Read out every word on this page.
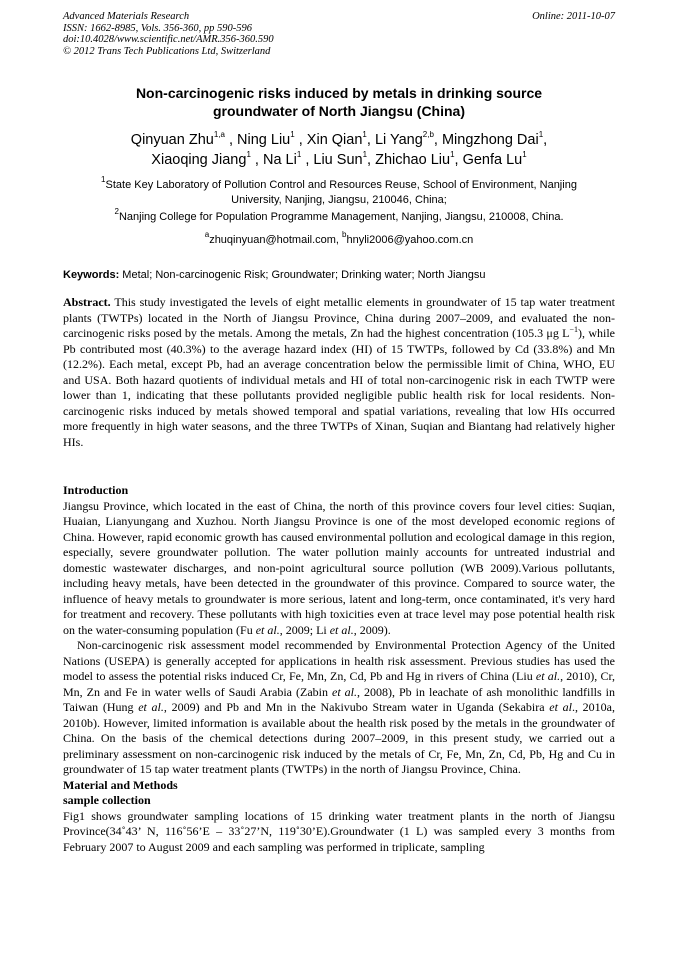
Advanced Materials Research
ISSN: 1662-8985, Vols. 356-360, pp 590-596
doi:10.4028/www.scientific.net/AMR.356-360.590
© 2012 Trans Tech Publications Ltd, Switzerland
Online: 2011-10-07
Non-carcinogenic risks induced by metals in drinking source
groundwater of North Jiangsu (China)
Qinyuan Zhu$^{1,a}$ , Ning Liu$^1$ , Xin Qian$^1$, Li Yang$^{2,b}$, Mingzhong Dai$^1$,
Xiaoqing Jiang$^1$ , Na Li$^1$ , Liu Sun$^1$, Zhichao Liu$^1$, Genfa Lu$^1$
$^1$State Key Laboratory of Pollution Control and Resources Reuse, School of Environment, Nanjing
University, Nanjing, Jiangsu, 210046, China;
$^2$Nanjing College for Population Programme Management, Nanjing, Jiangsu, 210008, China.
$^a$zhuqinyuan@hotmail.com, $^b$hnyli2006@yahoo.com.cn
Keywords: Metal; Non-carcinogenic Risk; Groundwater; Drinking water; North Jiangsu

Abstract. This study investigated the levels of eight metallic elements in groundwater of 15 tap water treatment plants (TWTPs) located in the North of Jiangsu Province, China during 2007–2009, and evaluated the non-carcinogenic risks posed by the metals. Among the metals, Zn had the highest concentration (105.3 μg $L^{-1}$), while Pb contributed most (40.3%) to the average hazard index (HI) of 15 TWTPs, followed by Cd (33.8%) and Mn (12.2%). Each metal, except Pb, had an average concentration below the permissible limit of China, WHO, EU and USA. Both hazard quotients of individual metals and HI of total non-carcinogenic risk in each TWTP were lower than 1, indicating that these pollutants provided negligible public health risk for local residents. Non-carcinogenic risks induced by metals showed temporal and spatial variations, revealing that low HIs occurred more frequently in high water seasons, and the three TWTPs of Xinan, Suqian and Biantang had relatively higher HIs.

Introduction

Jiangsu Province, which located in the east of China, the north of this province covers four level cities: Suqian, Huaian, Lianyungang and Xuzhou. North Jiangsu Province is one of the most developed economic regions of China. However, rapid economic growth has caused environmental pollution and ecological damage in this region, especially, severe groundwater pollution. The water pollution mainly accounts for untreated industrial and domestic wastewater discharges, and non-point agricultural source pollution (WB 2009).Various pollutants, including heavy metals, have been detected in the groundwater of this province. Compared to source water, the influence of heavy metals to groundwater is more serious, latent and long-term, once contaminated, it's very hard for treatment and recovery. These pollutants with high toxicities even at trace level may pose potential health risk on the water-consuming population (Fu et al., 2009; Li et al., 2009).

Non-carcinogenic risk assessment model recommended by Environmental Protection Agency of the United Nations (USEPA) is generally accepted for applications in health risk assessment. Previous studies has used the model to assess the potential risks induced Cr, Fe, Mn, Zn, Cd, Pb and Hg in rivers of China (Liu et al., 2010), Cr, Mn, Zn and Fe in water wells of Saudi Arabia (Zabin et al., 2008), Pb in leachate of ash monolithic landfills in Taiwan (Hung et al., 2009) and Pb and Mn in the Nakivubo Stream water in Uganda (Sekabira et al., 2010a, 2010b). However, limited information is available about the health risk posed by the metals in the groundwater of China. On the basis of the chemical detections during 2007–2009, in this present study, we carried out a preliminary assessment on non-carcinogenic risk induced by the metals of Cr, Fe, Mn, Zn, Cd, Pb, Hg and Cu in groundwater of 15 tap water treatment plants (TWTPs) in the north of Jiangsu Province, China.

Material and Methods
sample collection

Fig1 shows groundwater sampling locations of 15 drinking water treatment plants in the north of Jiangsu Province(34˚43’ N, 116˚56’E – 33˚27’N, 119˚30’E).Groundwater (1 L) was sampled every 3 months from February 2007 to August 2009 and each sampling was performed in triplicate, sampling
